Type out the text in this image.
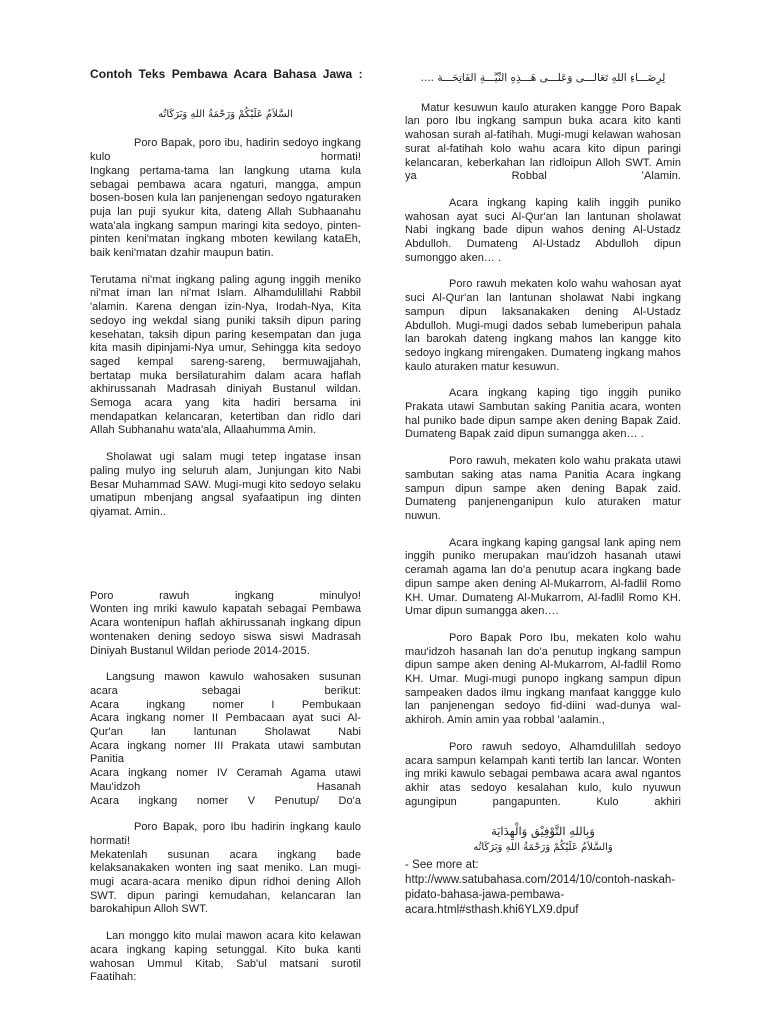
Contoh Teks Pembawa Acara Bahasa Jawa :
السَّلاَمُ عَلَيْكُمْ وَرَحْمَةُ اللهِ وَبَرَكَاتُه

Poro Bapak, poro ibu, hadirin sedoyo ingkang kulo hormati!

Ingkang pertama-tama lan langkung utama kula sebagai pembawa acara ngaturi, mangga, ampun bosen-bosen kula lan panjenengan sedoyo ngaturaken puja lan puji syukur kita, dateng Allah Subhaanahu wata'ala ingkang sampun maringi kita sedoyo, pinten-pinten keni'matan ingkang mboten kewilang kataEh, baik keni'matan dzahir maupun batin.

Terutama ni'mat ingkang paling agung inggih meniko ni'mat iman lan ni'mat Islam. Alhamdulillahi Rabbil 'alamin. Karena dengan izin-Nya, Irodah-Nya, Kita sedoyo ing wekdal siang puniki taksih dipun paring kesehatan, taksih dipun paring kesempatan dan juga kita masih dipinjami-Nya umur, Sehingga kita sedoyo saged kempal sareng-sareng, bermuwajjahah, bertatap muka bersilaturahim dalam acara haflah akhirussanah Madrasah diniyah Bustanul wildan. Semoga acara yang kita hadiri bersama ini mendapatkan kelancaran, ketertiban dan ridlo dari Allah Subhanahu wata'ala, Allaahumma Amin.

Sholawat ugi salam mugi tetep ingatase insan paling mulyo ing seluruh alam, Junjungan kito Nabi Besar Muhammad SAW. Mugi-mugi kito sedoyo selaku umatipun mbenjang angsal syafaatipun ing dinten qiyamat. Amin..

Poro rawuh ingkang minulyo!

Wonten ing mriki kawulo kapatah sebagai Pembawa Acara wontenipun haflah akhirussanah ingkang dipun wontenaken dening sedoyo siswa siswi Madrasah Diniyah Bustanul Wildan periode 2014-2015.

Langsung mawon kawulo wahosaken susunan acara sebagai berikut:

Acara ingkang nomer I Pembukaan

Acara ingkang nomer II Pembacaan ayat suci Al-Qur'an lan lantunan Sholawat Nabi

Acara ingkang nomer III Prakata utawi sambutan Panitia

Acara ingkang nomer IV Ceramah Agama utawi Mau'idzoh Hasanah

Acara ingkang nomer V Penutup/ Do'a

Poro Bapak, poro Ibu hadirin ingkang kaulo hormati!

Mekatenlah susunan acara ingkang bade kelaksanakaken wonten ing saat meniko. Lan mugi-mugi acara-acara meniko dipun ridhoi dening Alloh SWT. dipun paringi kemudahan, kelancaran lan barokahipun Alloh SWT.

Lan monggo kito mulai mawon acara kito kelawan acara ingkang kaping setunggal. Kito buka kanti wahosan Ummul Kitab, Sab'ul matsani surotil Faatihah:

لِرِضَـــاءِ اللهِ تَعَالَـــى وَعَلَـــى هَـــذِهِ النِّيَّـــةِ الْفَاتِحَـــة ....

Matur kesuwun kaulo aturaken kangge Poro Bapak lan poro Ibu ingkang sampun buka acara kito kanti wahosan surah al-fatihah. Mugi-mugi kelawan wahosan surat al-fatihah kolo wahu acara kito dipun paringi kelancaran, keberkahan lan ridloipun Alloh SWT. Amin ya Robbal 'Alamin.

Acara ingkang kaping kalih inggih puniko wahosan ayat suci Al-Qur'an lan lantunan sholawat Nabi ingkang bade dipun wahos dening Al-Ustadz Abdulloh. Dumateng Al-Ustadz Abdulloh dipun sumonggo aken… .

Poro rawuh mekaten kolo wahu wahosan ayat suci Al-Qur'an lan lantunan sholawat Nabi ingkang sampun dipun laksanakaken dening Al-Ustadz Abdulloh. Mugi-mugi dados sebab lumeberipun pahala lan barokah dateng ingkang mahos lan kangge kito sedoyo ingkang mirengaken. Dumateng ingkang mahos kaulo aturaken matur kesuwun.

Acara ingkang kaping tigo inggih puniko Prakata utawi Sambutan saking Panitia acara, wonten hal puniko bade dipun sampe aken dening Bapak Zaid. Dumateng Bapak zaid dipun sumangga aken… .

Poro rawuh, mekaten kolo wahu prakata utawi sambutan saking atas nama Panitia Acara ingkang sampun dipun sampe aken dening Bapak zaid. Dumateng panjenenganipun kulo aturaken matur nuwun.

Acara ingkang kaping gangsal lank aping nem inggih puniko merupakan mau'idzoh hasanah utawi ceramah agama lan do'a penutup acara ingkang bade dipun sampe aken dening Al-Mukarrom, Al-fadlil Romo KH. Umar. Dumateng Al-Mukarrom, Al-fadlil Romo KH. Umar dipun sumangga aken….

Poro Bapak Poro Ibu, mekaten kolo wahu mau'idzoh hasanah lan do'a penutup ingkang sampun dipun sampe aken dening Al-Mukarrom, Al-fadlil Romo KH. Umar. Mugi-mugi punopo ingkang sampun dipun sampeaken dados ilmu ingkang manfaat kanggge kulo lan panjenengan sedoyo fid-diini wad-dunya wal-akhiroh. Amin amin yaa robbal 'aalamin.,

Poro rawuh sedoyo, Alhamdulillah sedoyo acara sampun kelampah kanti tertib lan lancar. Wonten ing mriki kawulo sebagai pembawa acara awal ngantos akhir atas sedoyo kesalahan kulo, kulo nyuwun agungipun pangapunten. Kulo akhiri

وَبِاللهِ التَّوْفِيْق وَالْهِدَايَة
وَالسَّلاَمُ عَلَيْكُمْ وَرَحْمَةُ اللهِ وَبَرَكَاتُه
- See more at:
http://www.satubahasa.com/2014/10/contoh-naskah-pidato-bahasa-jawa-pembawa-acara.html#sthash.khi6YLX9.dpuf
